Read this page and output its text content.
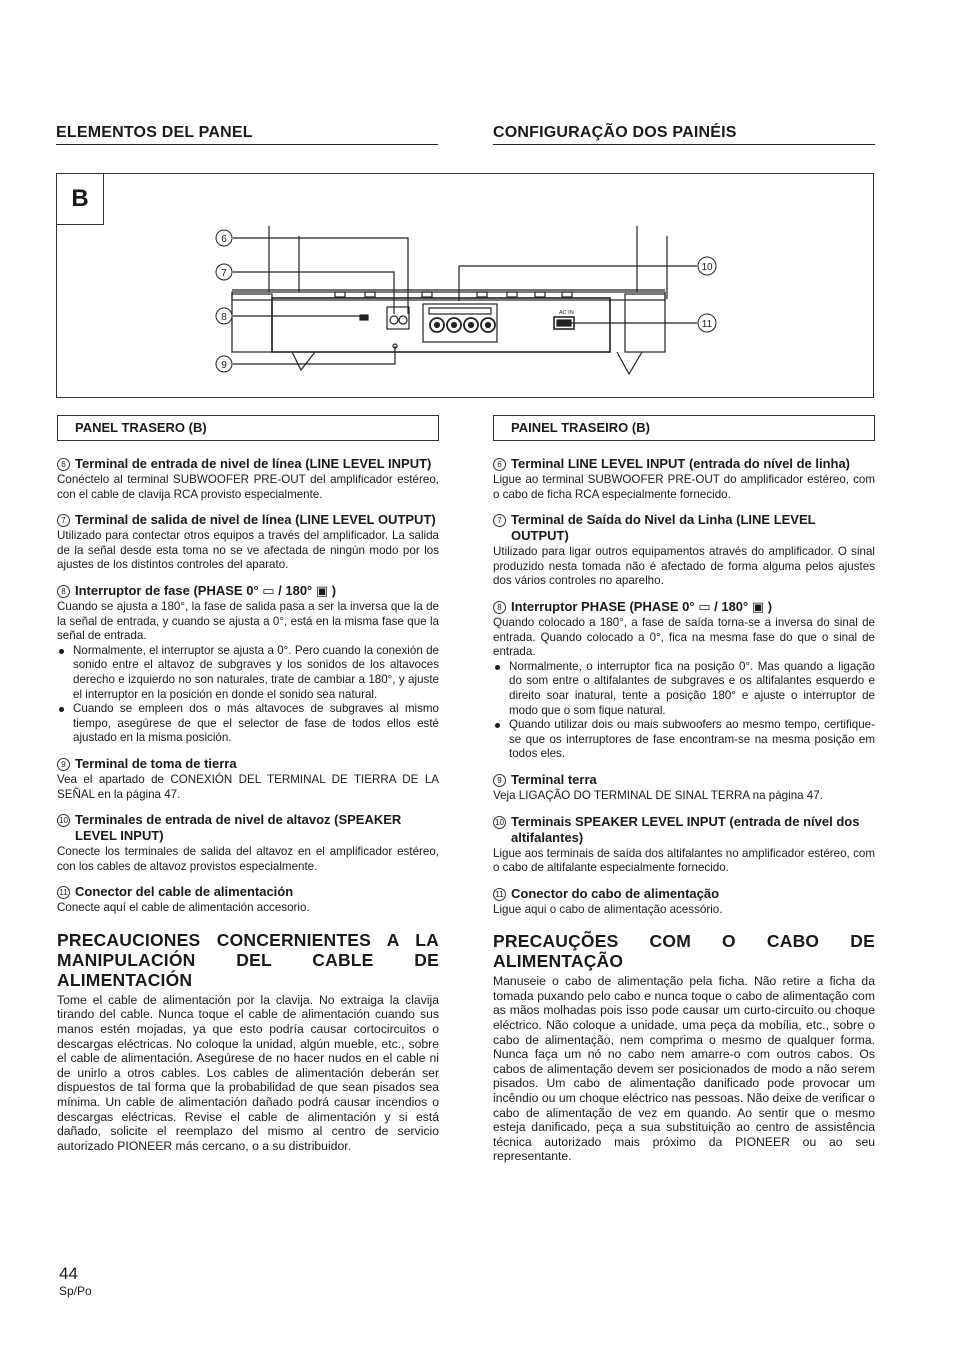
ELEMENTOS DEL PANEL	CONFIGURAÇÃO DOS PAINÉIS
B
AC IN
6
7
8
9
10
11
PANEL TRASERO (B)	PAINEL TRASEIRO (B)
6 Terminal de entrada de nivel de línea (LINE LEVEL INPUT)
Conéctelo al terminal SUBWOOFER PRE-OUT del amplificador estéreo, con el cable de clavija RCA provisto especialmente.
7 Terminal de salida de nivel de línea (LINE LEVEL OUTPUT)
Utilizado para contectar otros equipos a través del amplificador. La salida de la señal desde esta toma no se ve afectada de ningún modo por los ajustes de los distintos controles del aparato.
8 Interruptor de fase (PHASE 0° ▭ / 180° ▣ )
Cuando se ajusta a 180°, la fase de salida pasa a ser la inversa que la de la señal de entrada, y cuando se ajusta a 0°, está en la misma fase que la señal de entrada.
Normalmente, el interruptor se ajusta a 0°. Pero cuando la conexión de sonido entre el altavoz de subgraves y los sonidos de los altavoces derecho e izquierdo no son naturales, trate de cambiar a 180°, y ajuste el interruptor en la posición en donde el sonido sea natural.
Cuando se empleen dos o más altavoces de subgraves al mismo tiempo, asegúrese de que el selector de fase de todos ellos esté ajustado en la misma posición.
9 Terminal de toma de tierra
Vea el apartado de CONEXIÓN DEL TERMINAL DE TIERRA DE LA SEÑAL en la página 47.
10 Terminales de entrada de nivel de altavoz (SPEAKER LEVEL INPUT)
Conecte los terminales de salida del altavoz en el amplificador estéreo, con los cables de altavoz provistos especialmente.
11 Conector del cable de alimentación
Conecte aquí el cable de alimentación accesorio.
PRECAUCIONES CONCERNIENTES A LA MANIPULACIÓN DEL CABLE DE ALIMENTACIÓN
Tome el cable de alimentación por la clavija. No extraiga la clavija tirando del cable. Nunca toque el cable de alimentación cuando sus manos estén mojadas, ya que esto podría causar cortocircuitos o descargas eléctricas. No coloque la unidad, algún mueble, etc., sobre el cable de alimentación. Asegúrese de no hacer nudos en el cable ni de unirlo a otros cables. Los cables de alimentación deberán ser dispuestos de tal forma que la probabilidad de que sean pisados sea mínima. Un cable de alimentación dañado podrá causar incendios o descargas eléctricas. Revise el cable de alimentación y si está dañado, solicite el reemplazo del mismo al centro de servicio autorizado PIONEER más cercano, o a su distribuidor.
6 Terminal LINE LEVEL INPUT (entrada do nível de linha)
Ligue ao terminal SUBWOOFER PRE-OUT do amplificador estéreo, com o cabo de ficha RCA especialmente fornecido.
7 Terminal de Saída do Nivel da Linha (LINE LEVEL OUTPUT)
Utilizado para ligar outros equipamentos através do amplificador. O sinal produzido nesta tomada não é afectado de forma alguma pelos ajustes dos vários controles no aparelho.
8 Interruptor PHASE (PHASE 0° ▭ / 180° ▣ )
Quando colocado a 180°, a fase de saída torna-se a inversa do sinal de entrada. Quando colocado a 0°, fica na mesma fase do que o sinal de entrada.
Normalmente, o interruptor fica na posição 0°. Mas quando a ligação do som entre o altifalantes de subgraves e os altifalantes esquerdo e direito soar inatural, tente a posição 180° e ajuste o interruptor de modo que o som fique natural.
Quando utilizar dois ou mais subwoofers ao mesmo tempo, certifique-se que os interruptores de fase encontram-se na mesma posição em todos eles.
9 Terminal terra
Veja LIGAÇÃO DO TERMINAL DE SINAL TERRA na página 47.
10 Terminais SPEAKER LEVEL INPUT (entrada de nível dos altifalantes)
Ligue aos terminais de saída dos altifalantes no amplificador estéreo, com o cabo de altifalante especialmente fornecido.
11 Conector do cabo de alimentação
Ligue aqui o cabo de alimentação acessório.
PRECAUÇÕES COM O CABO DE ALIMENTAÇÃO
Manuseie o cabo de alimentação pela ficha. Não retire a ficha da tomada puxando pelo cabo e nunca toque o cabo de alimentação com as mãos molhadas pois isso pode causar um curto-circuito ou choque eléctrico. Não coloque a unidade, uma peça da mobília, etc., sobre o cabo de alimentação, nem comprima o mesmo de qualquer forma. Nunca faça um nó no cabo nem amarre-o com outros cabos. Os cabos de alimentação devem ser posicionados de modo a não serem pisados. Um cabo de alimentação danificado pode provocar um incêndio ou um choque eléctrico nas pessoas. Não deixe de verificar o cabo de alimentação de vez em quando. Ao sentir que o mesmo esteja danificado, peça a sua substituição ao centro de assistência técnica autorizado mais próximo da PIONEER ou ao seu representante.
44
Sp/Po
